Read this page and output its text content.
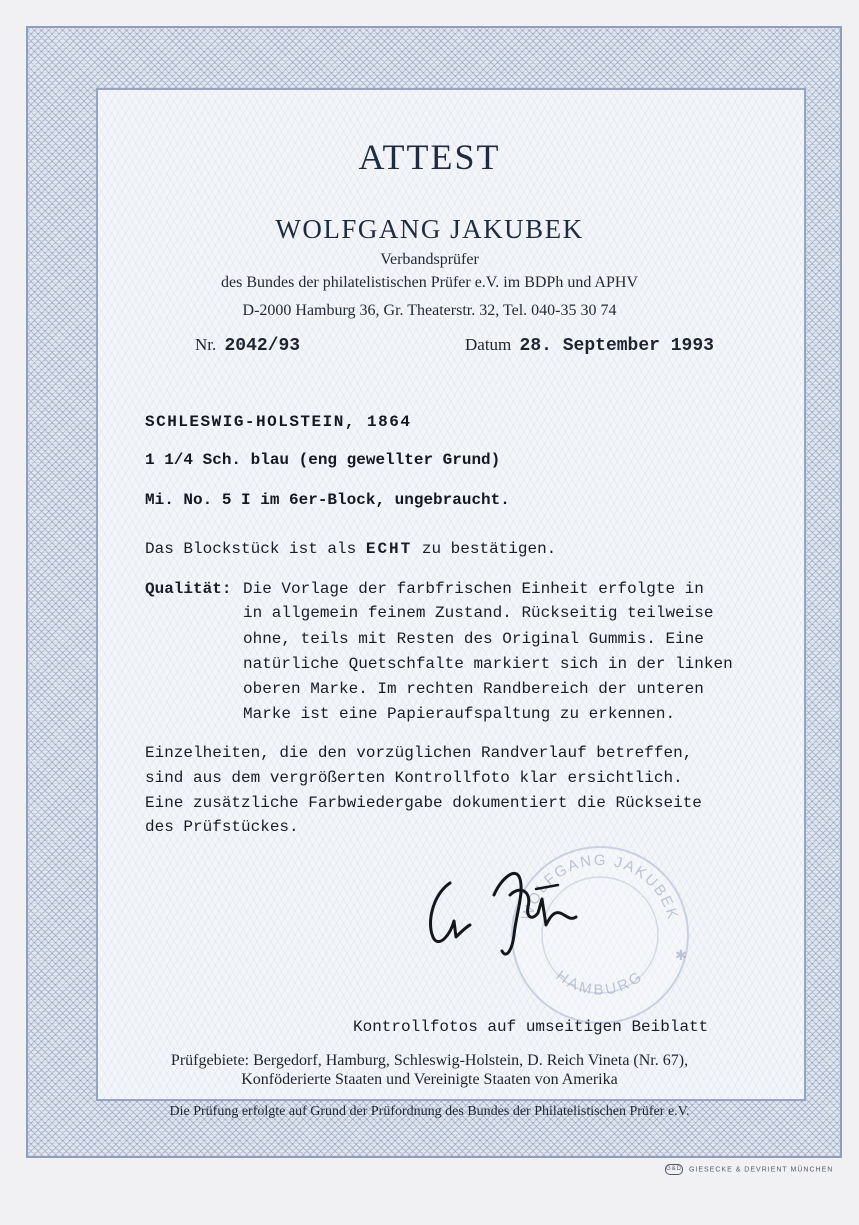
ATTEST
WOLFGANG JAKUBEK
Verbandsprüfer
des Bundes der philatelistischen Prüfer e.V. im BDPh und APHV
D-2000 Hamburg 36, Gr. Theaterstr. 32, Tel. 040-35 30 74
Nr. 2042/93	Datum 28. September 1993
SCHLESWIG-HOLSTEIN, 1864
1 1/4 Sch. blau (eng gewellter Grund)
Mi. No. 5 I im 6er-Block, ungebraucht.
Das Blockstück ist als ECHT zu bestätigen.
Qualität: Die Vorlage der farbfrischen Einheit erfolgte in
in allgemein feinem Zustand. Rückseitig teilweise
ohne, teils mit Resten des Original Gummis. Eine
natürliche Quetschfalte markiert sich in der linken
oberen Marke. Im rechten Randbereich der unteren
Marke ist eine Papieraufspaltung zu erkennen.
Einzelheiten, die den vorzüglichen Randverlauf betreffen,
sind aus dem vergrößerten Kontrollfoto klar ersichtlich.
Eine zusätzliche Farbwiedergabe dokumentiert die Rückseite
des Prüfstückes.
WOLFGANG JAKUBEK
HAMBURG
✱
Kontrollfotos auf umseitigen Beiblatt
Prüfgebiete: Bergedorf, Hamburg, Schleswig-Holstein, D. Reich Vineta (Nr. 67),
Konföderierte Staaten und Vereinigte Staaten von Amerika
Die Prüfung erfolgte auf Grund der Prüfordnung des Bundes der Philatelistischen Prüfer e.V.
G&D GIESECKE & DEVRIENT MÜNCHEN
